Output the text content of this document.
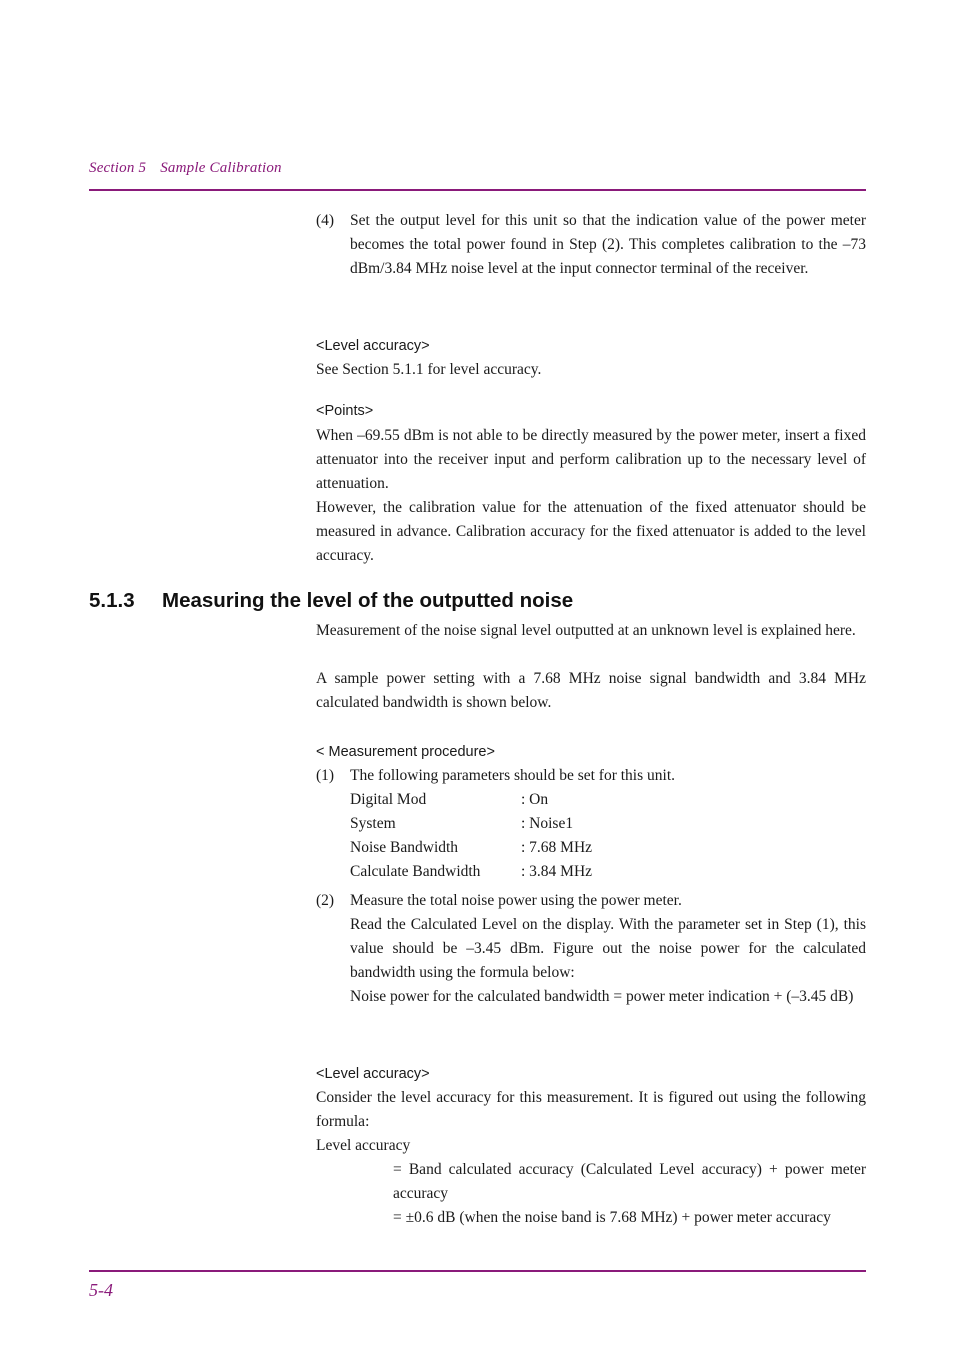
Section 5 Sample Calibration
(4)	Set the output level for this unit so that the indication value of the power meter becomes the total power found in Step (2). This completes calibration to the –73 dBm/3.84 MHz noise level at the input connector terminal of the receiver.
<Level accuracy>
See Section 5.1.1 for level accuracy.
<Points>
When –69.55 dBm is not able to be directly measured by the power meter, insert a fixed attenuator into the receiver input and perform calibration up to the necessary level of attenuation.
However, the calibration value for the attenuation of the fixed attenuator should be measured in advance. Calibration accuracy for the fixed attenuator is added to the level accuracy.
5.1.3 Measuring the level of the outputted noise
Measurement of the noise signal level outputted at an unknown level is explained here.
A sample power setting with a 7.68 MHz noise signal bandwidth and 3.84 MHz calculated bandwidth is shown below.
< Measurement procedure>
(1)	The following parameters should be set for this unit.
Digital Mod	: On
System	: Noise1
Noise Bandwidth	: 7.68 MHz
Calculate Bandwidth	: 3.84 MHz
(2)	Measure the total noise power using the power meter.
Read the Calculated Level on the display. With the parameter set in Step (1), this value should be –3.45 dBm. Figure out the noise power for the calculated bandwidth using the formula below:
Noise power for the calculated bandwidth = power meter indication + (–3.45 dB)
<Level accuracy>
Consider the level accuracy for this measurement. It is figured out using the following formula:
Level accuracy
= Band calculated accuracy (Calculated Level accuracy) + power meter accuracy
= ±0.6 dB (when the noise band is 7.68 MHz) + power meter accuracy
5-4
